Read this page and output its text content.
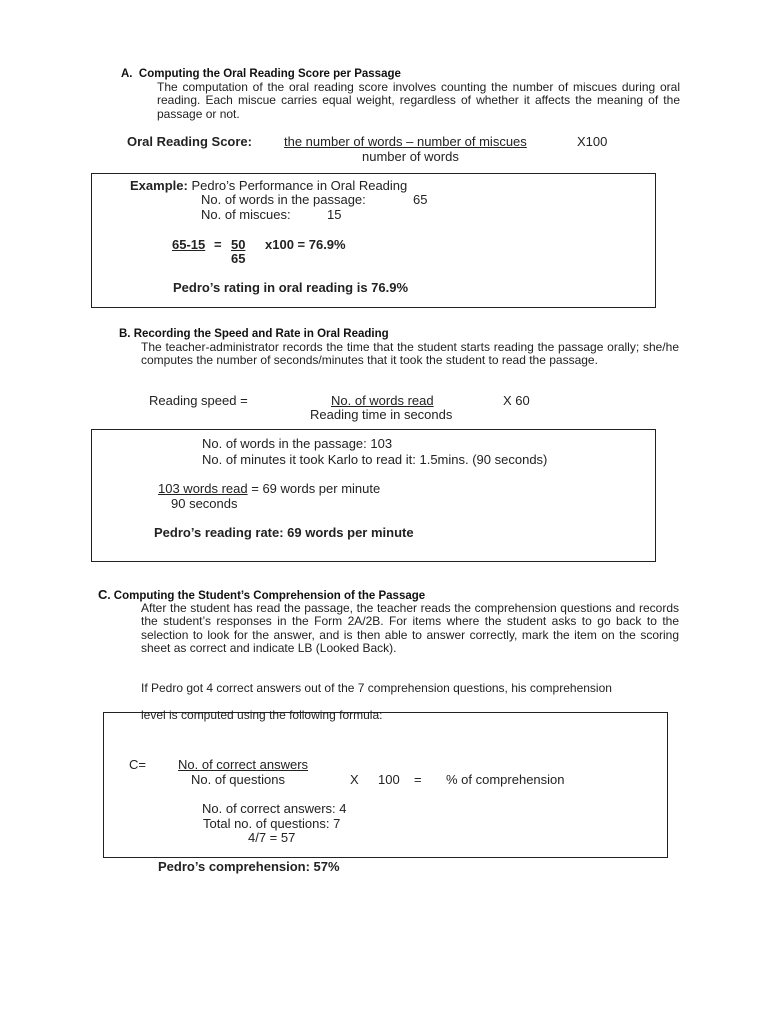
A. Computing the Oral Reading Score per Passage
The computation of the oral reading score involves counting the number of miscues during oral reading. Each miscue carries equal weight, regardless of whether it affects the meaning of the passage or not.
Oral Reading Score: the number of words – number of miscues	X100
number of words
Example: Pedro’s Performance in Oral Reading
No. of words in the passage:	65
No. of miscues:	15
65-15 = 50
65
x100 = 76.9%
Pedro’s rating in oral reading is 76.9%
B. Recording the Speed and Rate in Oral Reading
The teacher-administrator records the time that the student starts reading the passage orally; she/he computes the number of seconds/minutes that it took the student to read the passage.
Reading speed =	No. of words read	X 60
Reading time in seconds
No. of words in the passage: 103
No. of minutes it took Karlo to read it: 1.5mins. (90 seconds)
103 words read = 69 words per minute
90 seconds
Pedro’s reading rate: 69 words per minute
C. Computing the Student’s Comprehension of the Passage
After the student has read the passage, the teacher reads the comprehension questions and records the student’s responses in the Form 2A/2B. For items where the student asks to go back to the selection to look for the answer, and is then able to answer correctly, mark the item on the scoring sheet as correct and indicate LB (Looked Back).
If Pedro got 4 correct answers out of the 7 comprehension questions, his comprehension
level is computed using the following formula:
C= No. of correct answers
No. of questions	X 100 = % of comprehension
No. of correct answers: 4
Total no. of questions: 7
4/7 = 57
Pedro’s comprehension: 57%
